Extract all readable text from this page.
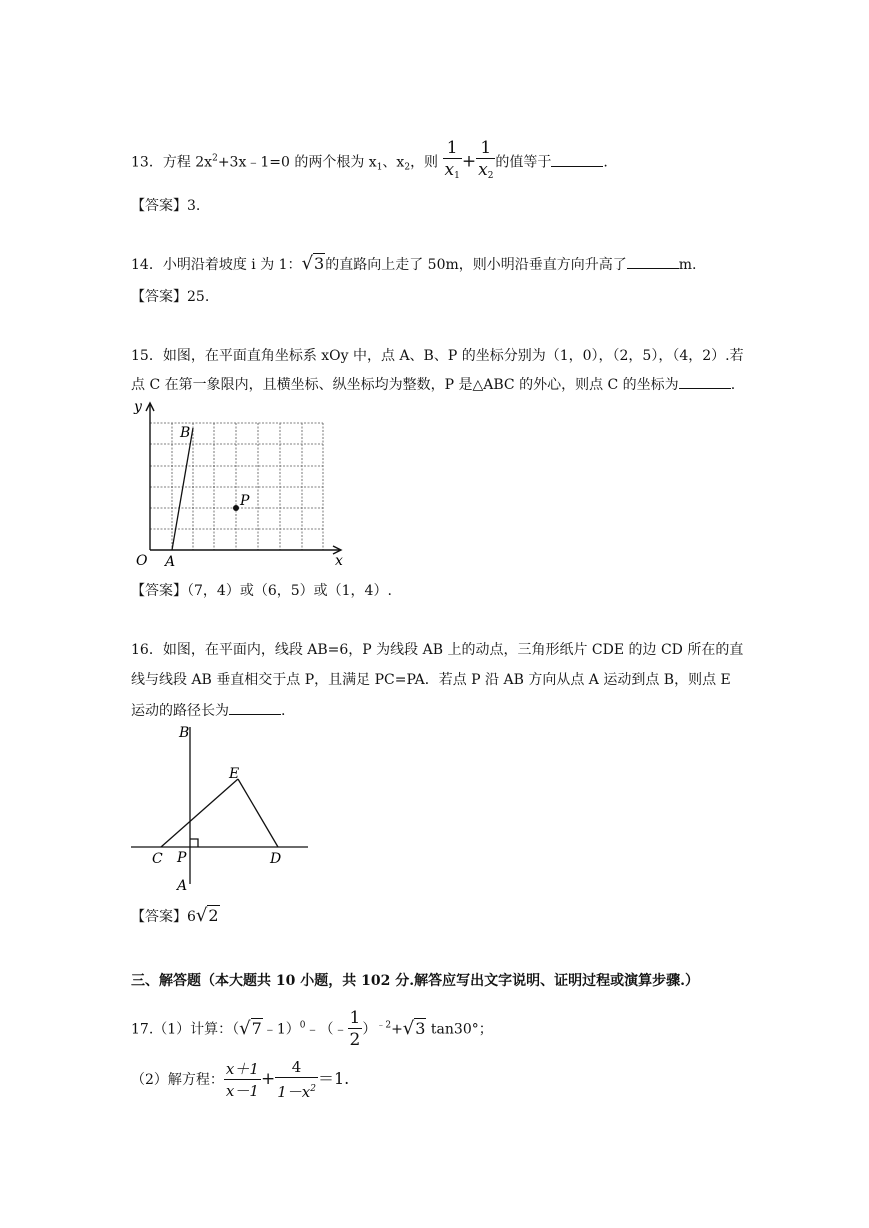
13．方程 $2x^2+3x﹣1=0$ 的两个根为 $x_1$、$x_2$，则 $\frac{1}{x_1} + \frac{1}{x_2}$ 的值等于	.
【答案】3.
14．小明沿着坡度 i 为 1：√3的直路向上走了 50m，则小明沿垂直方向升高了	m.
【答案】25.
15．如图，在平面直角坐标系 xOy 中，点 A、B、P 的坐标分别为（1，0），（2，5），（4，2）.若
点 C 在第一象限内，且横坐标、纵坐标均为整数，P 是△ABC 的外心，则点 C 的坐标为	.
y
x
O A
B
P
【答案】（7，4）或（6，5）或（1，4）.
16．如图，在平面内，线段 AB=6，P 为线段 AB 上的动点，三角形纸片 CDE 的边 CD 所在的直
线与线段 AB 垂直相交于点 P，且满足 PC=PA．若点 P 沿 AB 方向从点 A 运动到点 B，则点 E
运动的路径长为	.
B
E
C P	D
A
【答案】6√2
三、解答题（本大题共 10 小题，共 102 分.解答应写出文字说明、证明过程或演算步骤.）
17.（1）计算：（√7﹣1）$^0$﹣（﹣ $\frac{1}{2} )^{﹣2}+√3$ tan30°；
（2）解方程： $\frac{x+1}{x-1} + \frac{4}{1-x^2} =1$.
